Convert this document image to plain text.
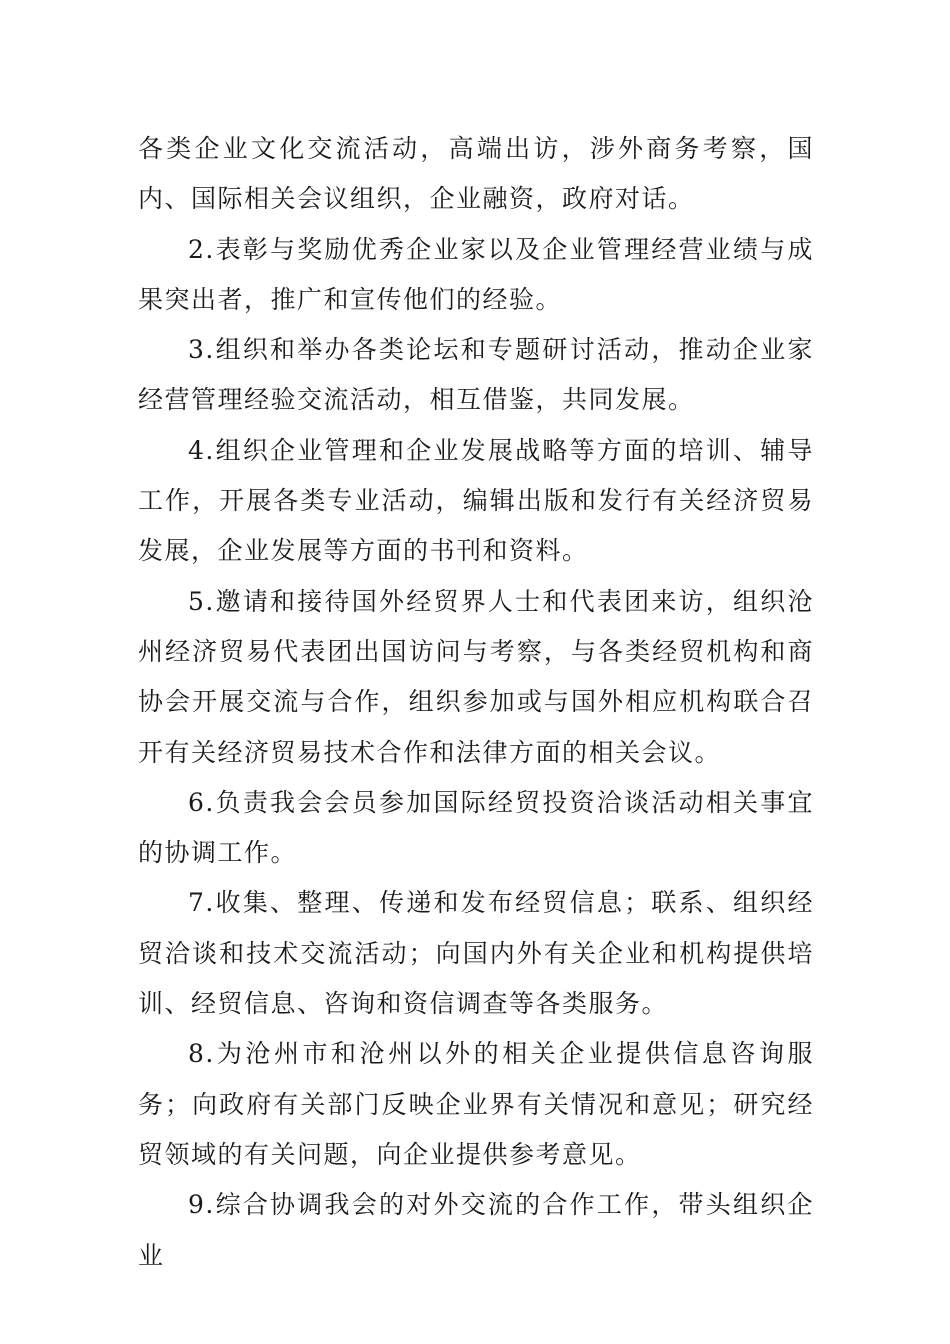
各类企业文化交流活动，高端出访，涉外商务考察，国内、国际相关会议组织，企业融资，政府对话。

2.表彰与奖励优秀企业家以及企业管理经营业绩与成果突出者，推广和宣传他们的经验。

3.组织和举办各类论坛和专题研讨活动，推动企业家经营管理经验交流活动，相互借鉴，共同发展。

4.组织企业管理和企业发展战略等方面的培训、辅导工作，开展各类专业活动，编辑出版和发行有关经济贸易发展，企业发展等方面的书刊和资料。

5.邀请和接待国外经贸界人士和代表团来访，组织沧州经济贸易代表团出国访问与考察，与各类经贸机构和商协会开展交流与合作，组织参加或与国外相应机构联合召开有关经济贸易技术合作和法律方面的相关会议。

6.负责我会会员参加国际经贸投资洽谈活动相关事宜的协调工作。

7.收集、整理、传递和发布经贸信息；联系、组织经贸洽谈和技术交流活动；向国内外有关企业和机构提供培训、经贸信息、咨询和资信调查等各类服务。

8.为沧州市和沧州以外的相关企业提供信息咨询服务；向政府有关部门反映企业界有关情况和意见；研究经贸领域的有关问题，向企业提供参考意见。

9.综合协调我会的对外交流的合作工作，带头组织企业
